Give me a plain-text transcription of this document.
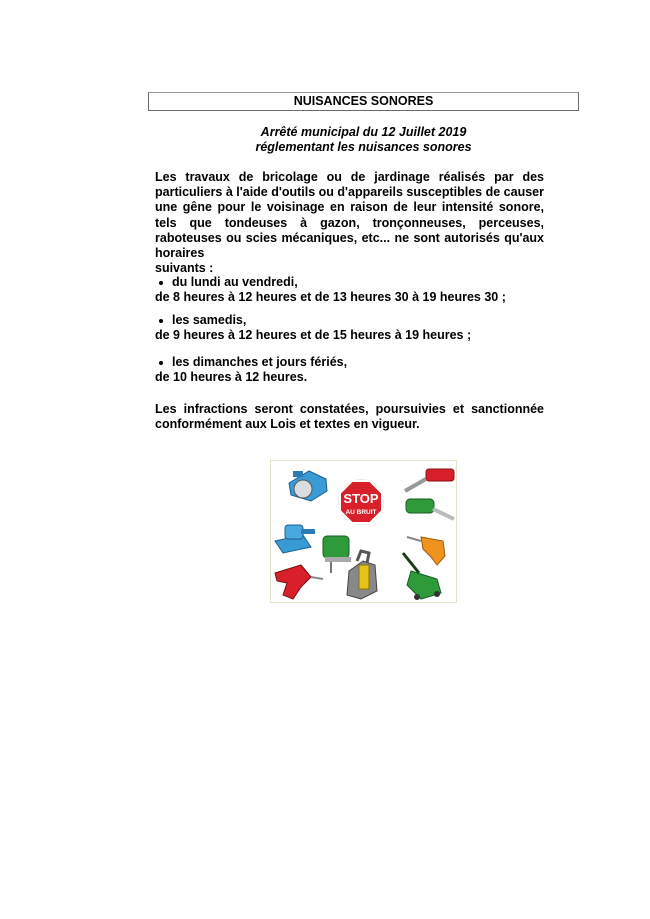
NUISANCES SONORES
Arrêté municipal du 12 Juillet 2019
réglementant les nuisances sonores
Les travaux de bricolage ou de jardinage réalisés par des particuliers à l'aide d'outils ou d'appareils susceptibles de causer une gêne pour le voisinage en raison de leur intensité sonore, tels que tondeuses à gazon, tronçonneuses, perceuses, raboteuses ou scies mécaniques, etc... ne sont autorisés qu'aux horaires
suivants :
du lundi au vendredi,
de 8 heures à 12 heures et de 13 heures 30 à 19 heures 30 ;
les samedis,
de 9 heures à 12 heures et de 15 heures à 19 heures ;
les dimanches et jours fériés,
de 10 heures à 12 heures.
Les infractions seront constatées, poursuivies et sanctionnée
conformément aux Lois et textes en vigueur.
STOP
AU BRUIT
